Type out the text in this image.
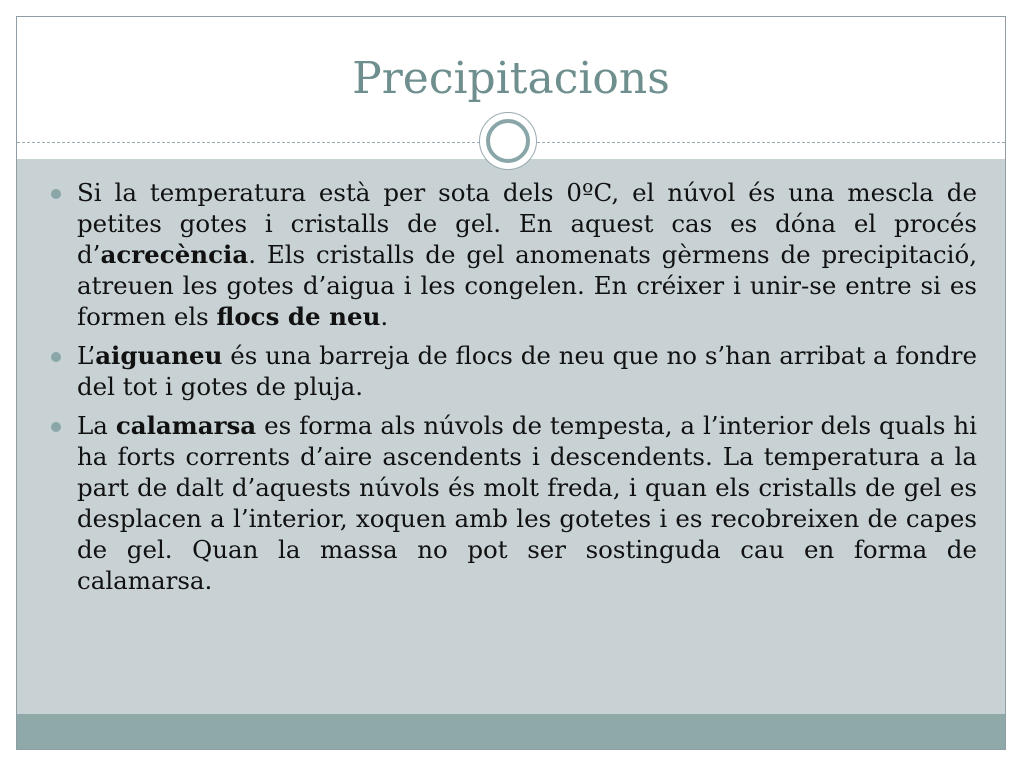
Precipitacions
Si la temperatura està per sota dels 0ºC, el núvol és una mescla de petites gotes i cristalls de gel. En aquest cas es dóna el procés d’acrecència. Els cristalls de gel anomenats gèrmens de precipitació, atreuen les gotes d’aigua i les congelen. En créixer i unir-se entre si es formen els flocs de neu.
L’aiguaneu és una barreja de flocs de neu que no s’han arribat a fondre del tot i gotes de pluja.
La calamarsa es forma als núvols de tempesta, a l’interior dels quals hi ha forts corrents d’aire ascendents i descendents. La temperatura a la part de dalt d’aquests núvols és molt freda, i quan els cristalls de gel es desplacen a l’interior, xoquen amb les gotetes i es recobreixen de capes de gel. Quan la massa no pot ser sostinguda cau en forma de calamarsa.
